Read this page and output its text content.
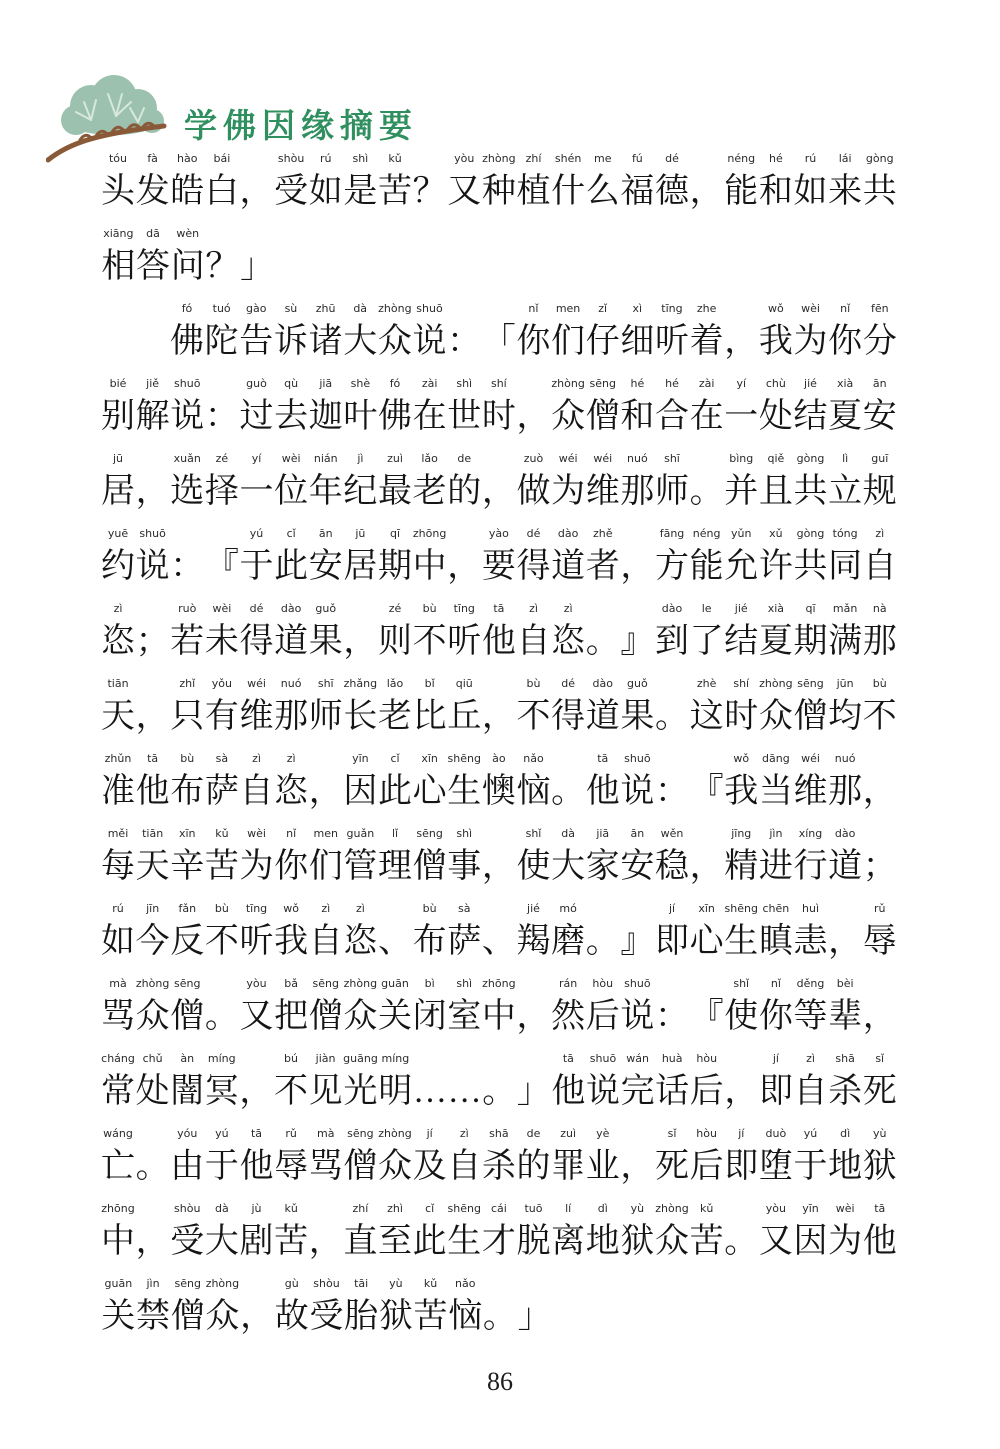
学佛因缘摘要
tóu
头
fà
发
hào
皓
bái
白 ，
shòu
受
rú
如
shì
是
kǔ
苦 ？
yòu
又
zhòng
种
zhí
植
shén
什
me
么
fú
福
dé
德 ，
néng
能
hé
和
rú
如
lái
来
gòng
共
xiāng
相
dā
答
wèn
问 ？ 」
fó
佛
tuó
陀
gào
告
sù
诉
zhū
诸
dà
大
zhòng
众
shuō
说 ： 「
nǐ
你
men
们
zǐ
仔
xì
细
tīng
听
zhe
着 ，
wǒ
我
wèi
为
nǐ
你
fēn
分
bié
别
jiě
解
shuō
说 ：
guò
过
qù
去
jiā
迦
shè
叶
fó
佛
zài
在
shì
世
shí
时 ，
zhòng
众
sēng
僧
hé
和
hé
合
zài
在
yí
一
chù
处
jié
结
xià
夏
ān
安
jū
居 ，
xuǎn
选
zé
择
yí
一
wèi
位
nián
年
jì
纪
zuì
最
lǎo
老
de
的 ，
zuò
做
wéi
为
wéi
维
nuó
那
shī
师 。
bìng
并
qiě
且
gòng
共
lì
立
guī
规
yuē
约
shuō
说 ： 『
yú
于
cǐ
此
ān
安
jū
居
qī
期
zhōng
中 ，
yào
要
dé
得
dào
道
zhě
者 ，
fāng
方
néng
能
yǔn
允
xǔ
许
gòng
共
tóng
同
zì
自
zì
恣 ；
ruò
若
wèi
未
dé
得
dào
道
guǒ
果 ，
zé
则
bù
不
tīng
听
tā
他
zì
自
zì
恣 。 』
dào
到
le
了
jié
结
xià
夏
qī
期
mǎn
满
nà
那
tiān
天 ，
zhǐ
只
yǒu
有
wéi
维
nuó
那
shī
师
zhǎng
长
lǎo
老
bǐ
比
qiū
丘 ，
bù
不
dé
得
dào
道
guǒ
果 。
zhè
这
shí
时
zhòng
众
sēng
僧
jūn
均
bù
不
zhǔn
准
tā
他
bù
布
sà
萨
zì
自
zì
恣 ，
yīn
因
cǐ
此
xīn
心
shēng
生
ào
懊
nǎo
恼 。
tā
他
shuō
说 ： 『
wǒ
我
dāng
当
wéi
维
nuó
那 ，
měi
每
tiān
天
xīn
辛
kǔ
苦
wèi
为
nǐ
你
men
们
guǎn
管
lǐ
理
sēng
僧
shì
事 ，
shǐ
使
dà
大
jiā
家
ān
安
wěn
稳 ，
jīng
精
jìn
进
xíng
行
dào
道 ；
rú
如
jīn
今
fǎn
反
bù
不
tīng
听
wǒ
我
zì
自
zì
恣 、
bù
布
sà
萨 、
jié
羯
mó
磨 。 』
jí
即
xīn
心
shēng
生
chēn
瞋
huì
恚 ，
rǔ
辱
mà
骂
zhòng
众
sēng
僧 。
yòu
又
bǎ
把
sēng
僧
zhòng
众
guān
关
bì
闭
shì
室
zhōng
中 ，
rán
然
hòu
后
shuō
说 ： 『
shǐ
使
nǐ
你
děng
等
bèi
辈 ，
cháng
常
chǔ
处
àn
闇
míng
冥 ，
bú
不
jiàn
见
guāng
光
míng
明 … … 。 」
tā
他
shuō
说
wán
完
huà
话
hòu
后 ，
jí
即
zì
自
shā
杀
sǐ
死
wáng
亡 。
yóu
由
yú
于
tā
他
rǔ
辱
mà
骂
sēng
僧
zhòng
众
jí
及
zì
自
shā
杀
de
的
zuì
罪
yè
业 ，
sǐ
死
hòu
后
jí
即
duò
堕
yú
于
dì
地
yù
狱
zhōng
中 ，
shòu
受
dà
大
jù
剧
kǔ
苦 ，
zhí
直
zhì
至
cǐ
此
shēng
生
cái
才
tuō
脱
lí
离
dì
地
yù
狱
zhòng
众
kǔ
苦 。
yòu
又
yīn
因
wèi
为
tā
他
guān
关
jìn
禁
sēng
僧
zhòng
众 ，
gù
故
shòu
受
tāi
胎
yù
狱
kǔ
苦
nǎo
恼 。 」
86
